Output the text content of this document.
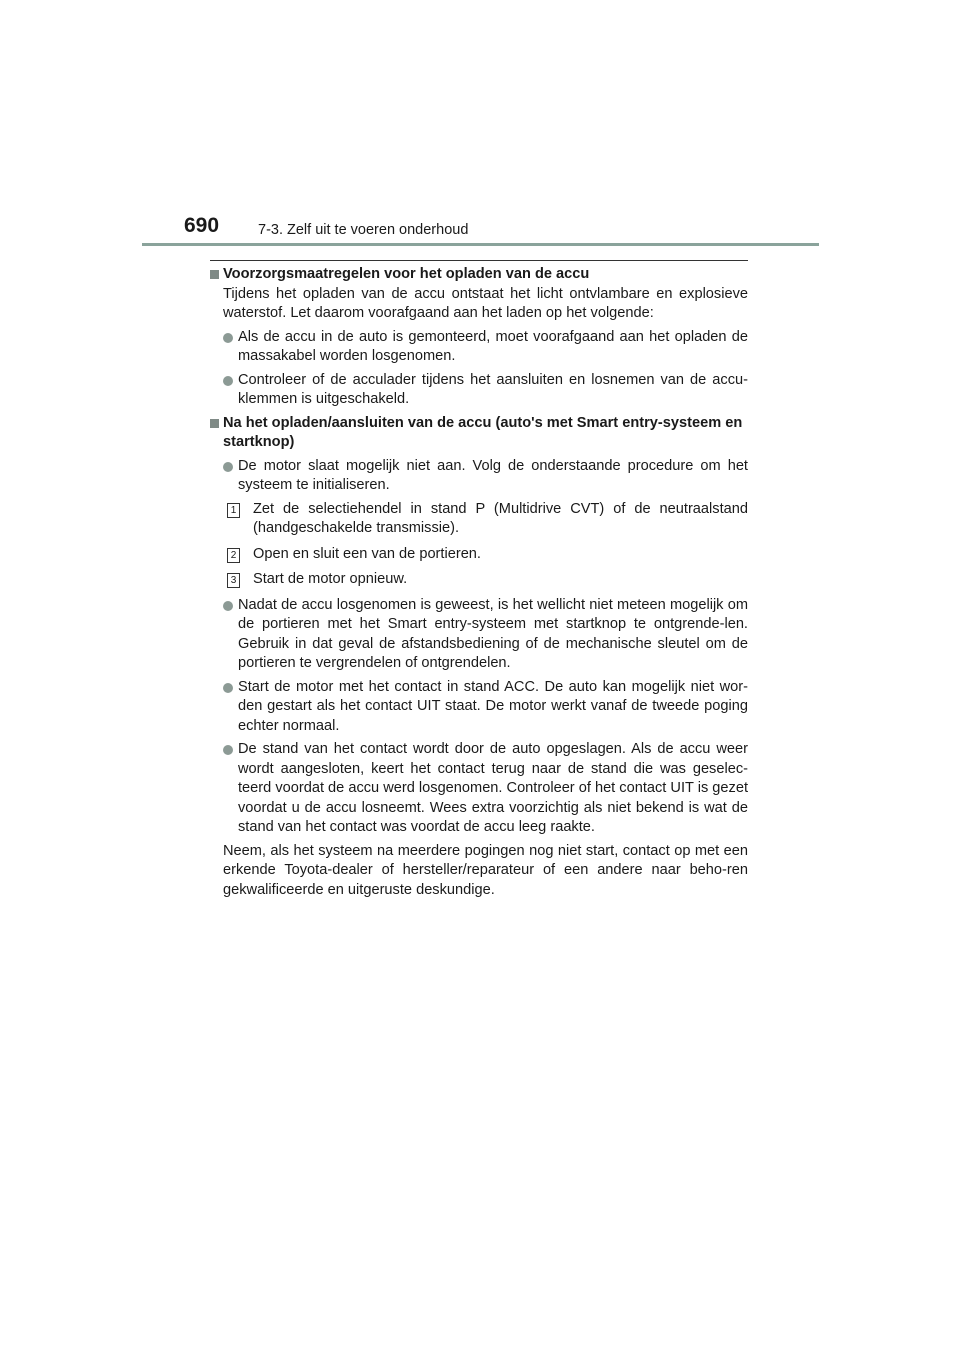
690	7-3. Zelf uit te voeren onderhoud
Voorzorgsmaatregelen voor het opladen van de accu
Tijdens het opladen van de accu ontstaat het licht ontvlambare en explosieve waterstof. Let daarom voorafgaand aan het laden op het volgende:
Als de accu in de auto is gemonteerd, moet voorafgaand aan het opladen de massakabel worden losgenomen.
Controleer of de acculader tijdens het aansluiten en losnemen van de accu-klemmen is uitgeschakeld.
Na het opladen/aansluiten van de accu (auto's met Smart entry-systeem en startknop)
De motor slaat mogelijk niet aan. Volg de onderstaande procedure om het systeem te initialiseren.
1 Zet de selectiehendel in stand P (Multidrive CVT) of de neutraalstand (handgeschakelde transmissie).
2 Open en sluit een van de portieren.
3 Start de motor opnieuw.
Nadat de accu losgenomen is geweest, is het wellicht niet meteen mogelijk om de portieren met het Smart entry-systeem met startknop te ontgrende-len. Gebruik in dat geval de afstandsbediening of de mechanische sleutel om de portieren te vergrendelen of ontgrendelen.
Start de motor met het contact in stand ACC. De auto kan mogelijk niet wor-den gestart als het contact UIT staat. De motor werkt vanaf de tweede poging echter normaal.
De stand van het contact wordt door de auto opgeslagen. Als de accu weer wordt aangesloten, keert het contact terug naar de stand die was geselec-teerd voordat de accu werd losgenomen. Controleer of het contact UIT is gezet voordat u de accu losneemt. Wees extra voorzichtig als niet bekend is wat de stand van het contact was voordat de accu leeg raakte.
Neem, als het systeem na meerdere pogingen nog niet start, contact op met een erkende Toyota-dealer of hersteller/reparateur of een andere naar beho-ren gekwalificeerde en uitgeruste deskundige.
